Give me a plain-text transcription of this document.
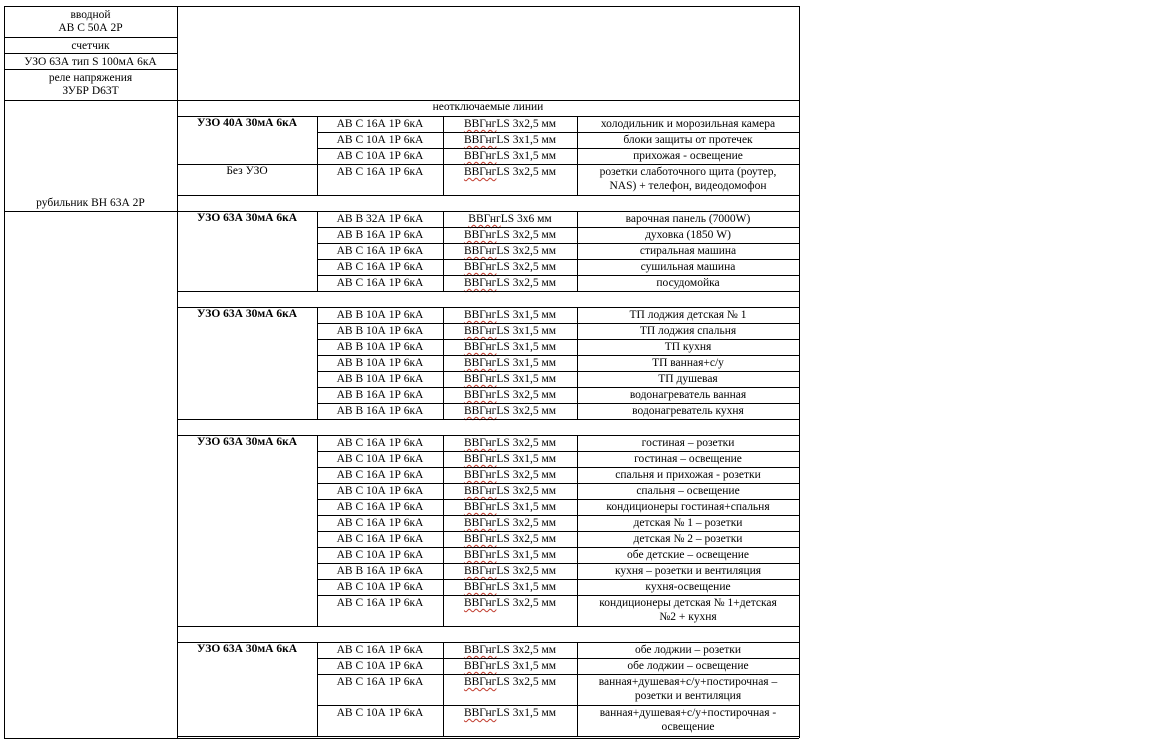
вводной
АВ С 50А 2Р
счетчик
УЗО 63А тип S 100мА 6кА
реле напряжения
ЗУБР D63T
неотключаемые линии
УЗО 40А 30мА 6кА	АВ С 16А 1Р 6кА	ВВГнгLS 3х2,5 мм	холодильник и морозильная камера
АВ С 10А 1Р 6кА	ВВГнгLS 3х1,5 мм	блоки защиты от протечек
АВ С 10А 1Р 6кА	ВВГнгLS 3х1,5 мм	прихожая - освещение
Без УЗО	АВ С 16А 1Р 6кА	ВВГнгLS 3х2,5 мм	розетки слаботочного щита (роутер,
NAS) + телефон, видеодомофон
рубильник ВН 63А 2Р
УЗО 63А 30мА 6кА	АВ В 32А 1Р 6кА	ВВГнгLS 3х6 мм	варочная панель (7000W)
АВ В 16А 1Р 6кА	ВВГнгLS 3х2,5 мм	духовка (1850 W)
АВ С 16А 1Р 6кА	ВВГнгLS 3х2,5 мм	стиральная машина
АВ С 16А 1Р 6кА	ВВГнгLS 3х2,5 мм	сушильная машина
АВ С 16А 1Р 6кА	ВВГнгLS 3х2,5 мм	посудомойка
УЗО 63А 30мА 6кА	АВ В 10А 1Р 6кА	ВВГнгLS 3х1,5 мм	ТП лоджия детская № 1
АВ В 10А 1Р 6кА	ВВГнгLS 3х1,5 мм	ТП лоджия спальня
АВ В 10А 1Р 6кА	ВВГнгLS 3х1,5 мм	ТП кухня
АВ В 10А 1Р 6кА	ВВГнгLS 3х1,5 мм	ТП ванная+с/у
АВ В 10А 1Р 6кА	ВВГнгLS 3х1,5 мм	ТП душевая
АВ В 16А 1Р 6кА	ВВГнгLS 3х2,5 мм	водонагреватель ванная
АВ В 16А 1Р 6кА	ВВГнгLS 3х2,5 мм	водонагреватель кухня
УЗО 63А 30мА 6кА	АВ С 16А 1Р 6кА	ВВГнгLS 3х2,5 мм	гостиная – розетки
АВ С 10А 1Р 6кА	ВВГнгLS 3х1,5 мм	гостиная – освещение
АВ С 16А 1Р 6кА	ВВГнгLS 3х2,5 мм	спальня и прихожая - розетки
АВ С 10А 1Р 6кА	ВВГнгLS 3х2,5 мм	спальня – освещение
АВ С 16А 1Р 6кА	ВВГнгLS 3х1,5 мм	кондиционеры гостиная+спальня
АВ С 16А 1Р 6кА	ВВГнгLS 3х2,5 мм	детская № 1 – розетки
АВ С 16А 1Р 6кА	ВВГнгLS 3х2,5 мм	детская № 2 – розетки
АВ С 10А 1Р 6кА	ВВГнгLS 3х1,5 мм	обе детские – освещение
АВ В 16А 1Р 6кА	ВВГнгLS 3х2,5 мм	кухня – розетки и вентиляция
АВ С 10А 1Р 6кА	ВВГнгLS 3х1,5 мм	кухня-освещение
АВ С 16А 1Р 6кА	ВВГнгLS 3х2,5 мм	кондиционеры детская № 1+детская
№2 + кухня
УЗО 63А 30мА 6кА	АВ С 16А 1Р 6кА	ВВГнгLS 3х2,5 мм	обе лоджии – розетки
АВ С 10А 1Р 6кА	ВВГнгLS 3х1,5 мм	обе лоджии – освещение
АВ С 16А 1Р 6кА	ВВГнгLS 3х2,5 мм	ванная+душевая+с/у+постирочная –
розетки и вентиляция
АВ С 10А 1Р 6кА	ВВГнгLS 3х1,5 мм	ванная+душевая+с/у+постирочная -
освещение
